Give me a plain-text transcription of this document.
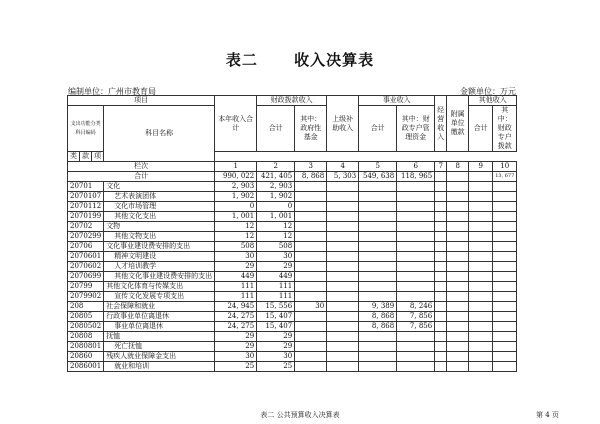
表二 收入决算表
编制单位：广州市教育局	金额单位：万元
项目				本年收入合计	财政拨款收入		上级补助收入	事业收入		经营收入	附属单位缴款	其他收入	
支出功能分类科目编码			科目名称		合计	其中：政府性基金		合计	其中：财政专户管理资金			合计	其中：财政专户拨款

类	款	项											
栏次				1	2	3	4	5	6	7	8	9	10
合计				990, 022	421, 405	8, 868	5, 303	549, 638	118, 965				13, 677
20701			文化	2, 903	2, 903								
2070107			艺术表演团体	1, 902	1, 902								
2070112			文化市场管理	0	0								
2070199			其他文化支出	1, 001	1, 001								
20702			文物	12	12								
2070299			其他文物支出	12	12								
20706			文化事业建设费安排的支出	508	508								
2070601			精神文明建设	30	30								
2070602			人才培训教学	29	29								
2070699			其他文化事业建设费安排的支出	449	449								
20799			其他文化体育与传媒支出	111	111								
2079902			宣传文化发展专项支出	111	111								
208			社会保障和就业	24, 945	15, 556	30		9, 389	8, 246				
20805			行政事业单位离退休	24, 275	15, 407			8, 868	7, 856				
2080502			事业单位离退休	24, 275	15, 407			8, 868	7, 856				
20808			抚恤	29	29								
2080801			死亡抚恤	29	29								
20860			残疾人就业保障金支出	30	30								
2086001			就业和培训	25	25								
表二 公共预算收入决算表	第 4 页
